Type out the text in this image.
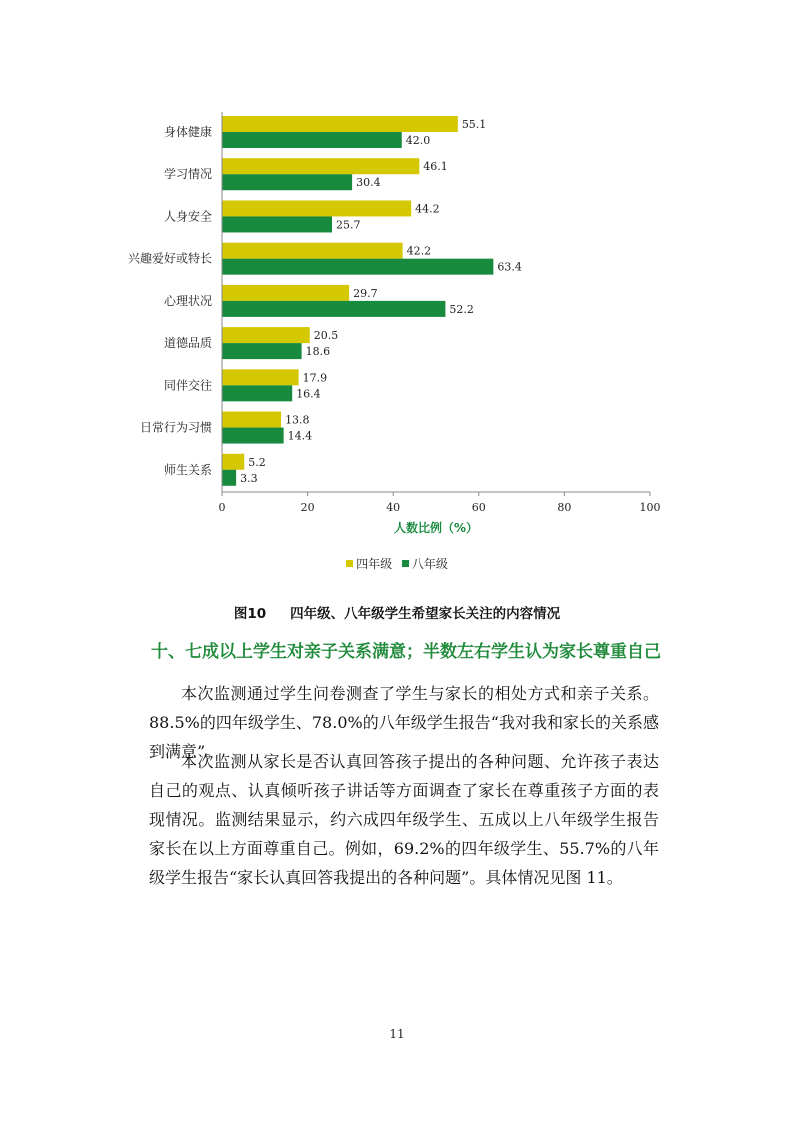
身体健康
学习情况
人身安全
兴趣爱好或特长
心理状况
道德品质
同伴交往
日常行为习惯
师生关系
55.1
42.0
46.1
30.4
44.2
25.7
42.2
63.4
29.7
52.2
20.5
18.6
17.9
16.4
13.8
14.4
5.2
3.3
0	20	40	60	80	100
人数比例（%）
四年级 八年级
图10 四年级、八年级学生希望家长关注的内容情况
十、七成以上学生对亲子关系满意；半数左右学生认为家长尊重自己

本次监测通过学生问卷测查了学生与家长的相处方式和亲子关系。88.5%的四年级学生、78.0%的八年级学生报告“我对我和家长的关系感到满意”。

本次监测从家长是否认真回答孩子提出的各种问题、允许孩子表达自己的观点、认真倾听孩子讲话等方面调查了家长在尊重孩子方面的表现情况。监测结果显示，约六成四年级学生、五成以上八年级学生报告家长在以上方面尊重自己。例如，69.2%的四年级学生、55.7%的八年级学生报告“家长认真回答我提出的各种问题”。具体情况见图 11。

11
